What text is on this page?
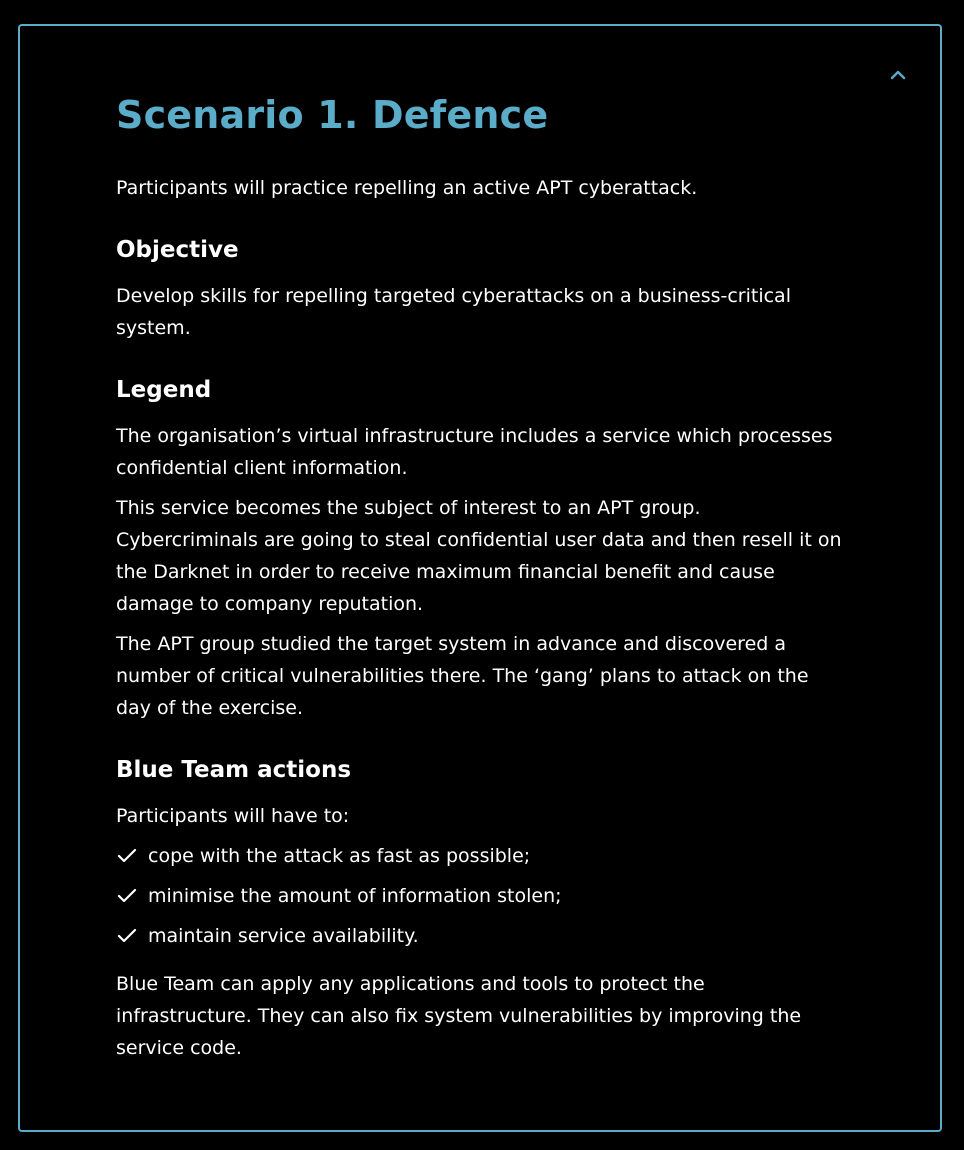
Scenario 1. Defence

Participants will practice repelling an active APT cyberattack.

Objective

Develop skills for repelling targeted cyberattacks on a business-critical system.

Legend

The organisation’s virtual infrastructure includes a service which processes confidential client information.

This service becomes the subject of interest to an APT group. Cybercriminals are going to steal confidential user data and then resell it on the Darknet in order to receive maximum financial benefit and cause damage to company reputation.

The APT group studied the target system in advance and discovered a number of critical vulnerabilities there. The ‘gang’ plans to attack on the day of the exercise.

Blue Team actions

Participants will have to:

cope with the attack as fast as possible;
minimise the amount of information stolen;
maintain service availability.

Blue Team can apply any applications and tools to protect the infrastructure. They can also fix system vulnerabilities by improving the service code.
